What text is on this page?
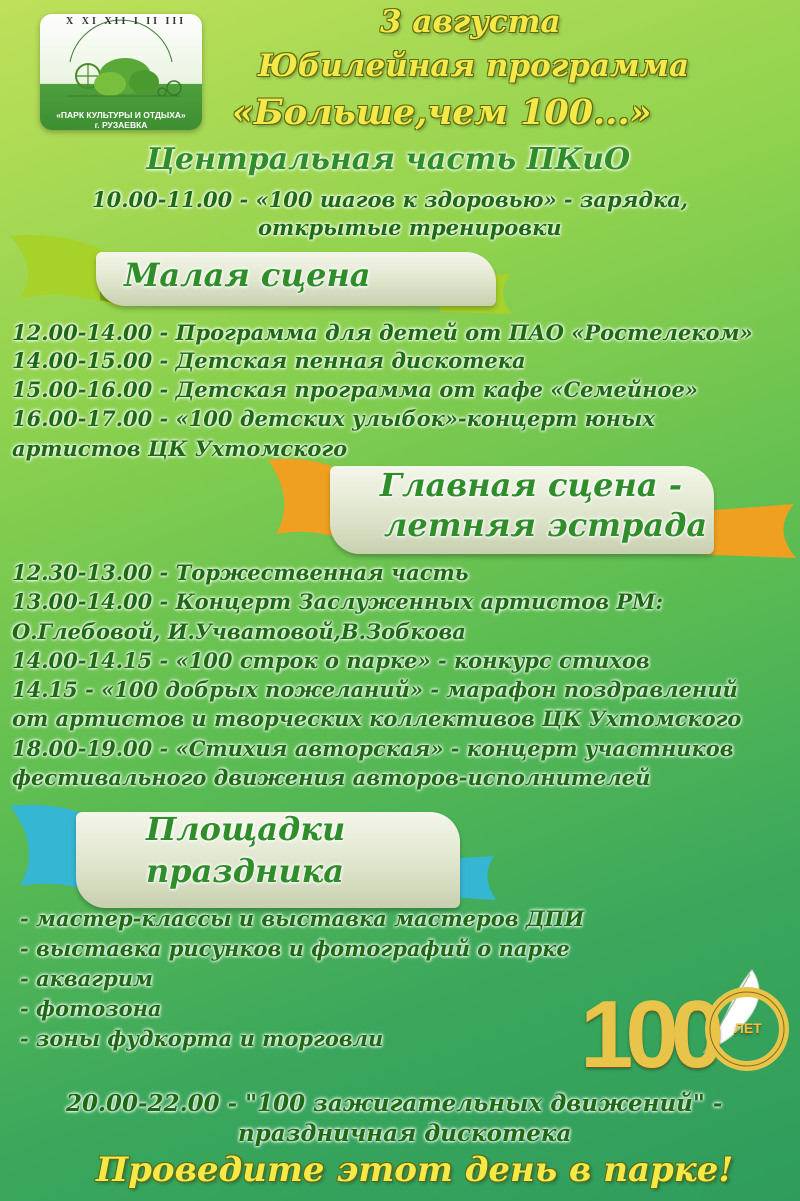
X XI XII I II III
«ПАРК КУЛЬТУРЫ И ОТДЫХА»
г. РУЗАЕВКА
3 августа
Юбилейная программа
«Больше,чем 100...»
Центральная часть ПКиО
10.00-11.00 - «100 шагов к здоровью» - зарядка,
открытые тренировки
Малая сцена
12.00-14.00 - Программа для детей от ПАО «Ростелеком»
14.00-15.00 - Детская пенная дискотека
15.00-16.00 - Детская программа от кафе «Семейное»
16.00-17.00 - «100 детских улыбок»-концерт юных
артистов ЦК Ухтомского
Главная сцена -
летняя эстрада
12.30-13.00 - Торжественная часть
13.00-14.00 - Концерт Заслуженных артистов РМ:
О.Глебовой, И.Учватовой,В.Зобкова
14.00-14.15 - «100 строк о парке» - конкурс стихов
14.15 - «100 добрых пожеланий» - марафон поздравлений
от артистов и творческих коллективов ЦК Ухтомского
18.00-19.00 - «Стихия авторская» - концерт участников
фестивального движения авторов-исполнителей
Площадки
праздника
- мастер-классы и выставка мастеров ДПИ
- выставка рисунков и фотографий о парке
- аквагрим
- фотозона
- зоны фудкорта и торговли 100 ЛЕТ
20.00-22.00 - "100 зажигательных движений" -
праздничная дискотека
Проведите этот день в парке!
